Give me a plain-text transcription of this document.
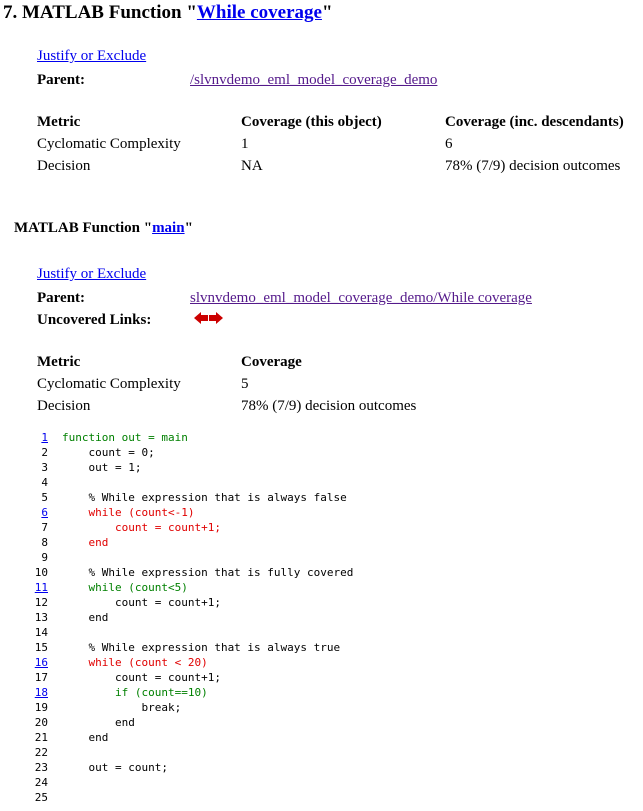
7. MATLAB Function "While coverage"
Justify or Exclude
Parent:	/slvnvdemo_eml_model_coverage_demo
Metric	Coverage (this object)	Coverage (inc. descendants)
Cyclomatic Complexity	1	6
Decision	NA	78% (7/9) decision outcomes
MATLAB Function "main"
Justify or Exclude
Parent:	slvnvdemo_eml_model_coverage_demo/While coverage
Uncovered Links:
Metric	Coverage
Cyclomatic Complexity	5
Decision	78% (7/9) decision outcomes
1 function out = main
2 count = 0;
3 out = 1;
4
5 % While expression that is always false
6 while (count<-1)
7 count = count+1;
8 end
9
10 % While expression that is fully covered
11 while (count<5)
12 count = count+1;
13 end
14
15 % While expression that is always true
16 while (count < 20)
17 count = count+1;
18 if (count==10)
19 break;
20 end
21 end
22
23 out = count;
24
25
